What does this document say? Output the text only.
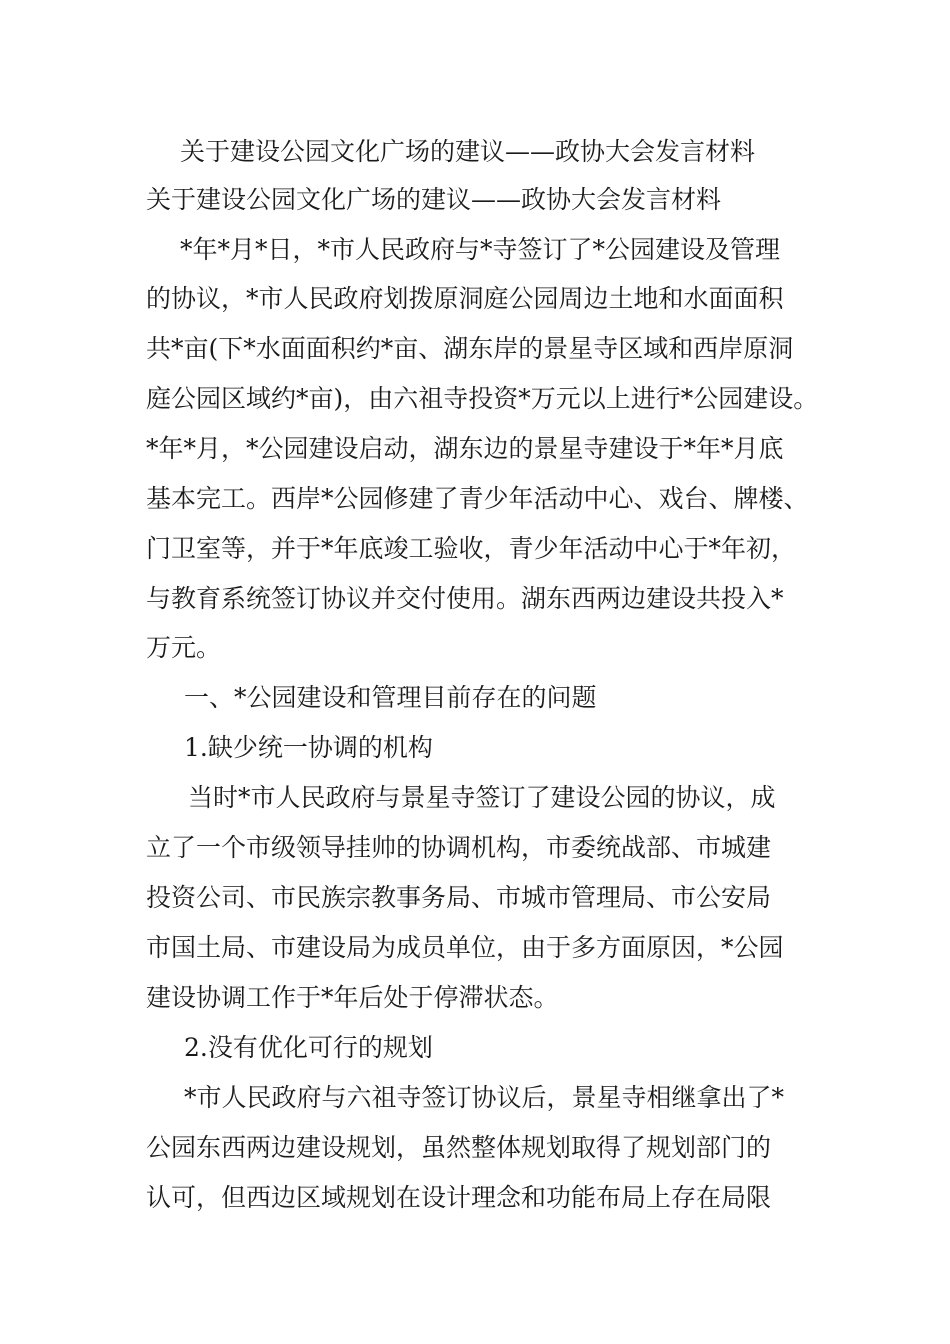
关于建设公园文化广场的建议——政协大会发言材料
关于建设公园文化广场的建议——政协大会发言材料
*年*月*日，*市人民政府与*寺签订了*公园建设及管理
的协议，*市人民政府划拨原洞庭公园周边土地和水面面积
共*亩(下*水面面积约*亩、湖东岸的景星寺区域和西岸原洞
庭公园区域约*亩)，由六祖寺投资*万元以上进行*公园建设。
*年*月，*公园建设启动，湖东边的景星寺建设于*年*月底
基本完工。西岸*公园修建了青少年活动中心、戏台、牌楼、
门卫室等，并于*年底竣工验收，青少年活动中心于*年初，
与教育系统签订协议并交付使用。湖东西两边建设共投入*
万元。
一、*公园建设和管理目前存在的问题
1.缺少统一协调的机构
当时*市人民政府与景星寺签订了建设公园的协议，成
立了一个市级领导挂帅的协调机构，市委统战部、市城建
投资公司、市民族宗教事务局、市城市管理局、市公安局
市国土局、市建设局为成员单位，由于多方面原因，*公园
建设协调工作于*年后处于停滞状态。
2.没有优化可行的规划
*市人民政府与六祖寺签订协议后，景星寺相继拿出了*
公园东西两边建设规划，虽然整体规划取得了规划部门的
认可，但西边区域规划在设计理念和功能布局上存在局限
